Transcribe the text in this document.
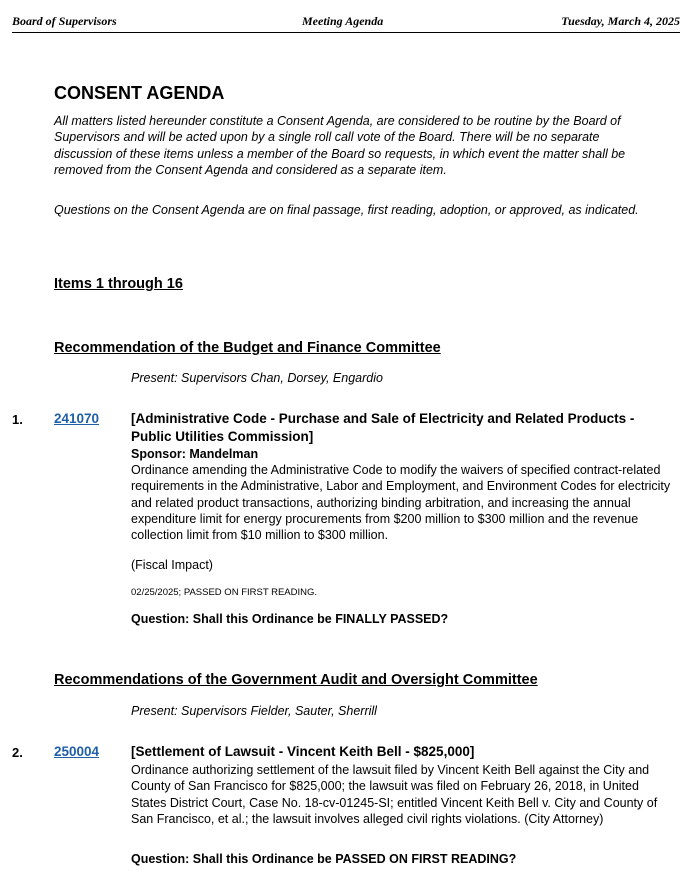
Board of Supervisors	Meeting Agenda	Tuesday, March 4, 2025
CONSENT AGENDA
All matters listed hereunder constitute a Consent Agenda, are considered to be routine by the Board of Supervisors and will be acted upon by a single roll call vote of the Board. There will be no separate discussion of these items unless a member of the Board so requests, in which event the matter shall be removed from the Consent Agenda and considered as a separate item.
Questions on the Consent Agenda are on final passage, first reading, adoption, or approved, as indicated.
Items 1 through 16
Recommendation of the Budget and Finance Committee
Present: Supervisors Chan, Dorsey, Engardio
1. 241070 [Administrative Code - Purchase and Sale of Electricity and Related Products - Public Utilities Commission]
Sponsor: Mandelman
Ordinance amending the Administrative Code to modify the waivers of specified contract-related requirements in the Administrative, Labor and Employment, and Environment Codes for electricity and related product transactions, authorizing binding arbitration, and increasing the annual expenditure limit for energy procurements from $200 million to $300 million and the revenue collection limit from $10 million to $300 million.
(Fiscal Impact)
02/25/2025; PASSED ON FIRST READING.
Question: Shall this Ordinance be FINALLY PASSED?
Recommendations of the Government Audit and Oversight Committee
Present: Supervisors Fielder, Sauter, Sherrill
2. 250004 [Settlement of Lawsuit - Vincent Keith Bell - $825,000]
Ordinance authorizing settlement of the lawsuit filed by Vincent Keith Bell against the City and County of San Francisco for $825,000; the lawsuit was filed on February 26, 2018, in United States District Court, Case No. 18-cv-01245-SI; entitled Vincent Keith Bell v. City and County of San Francisco, et al.; the lawsuit involves alleged civil rights violations. (City Attorney)
Question: Shall this Ordinance be PASSED ON FIRST READING?
